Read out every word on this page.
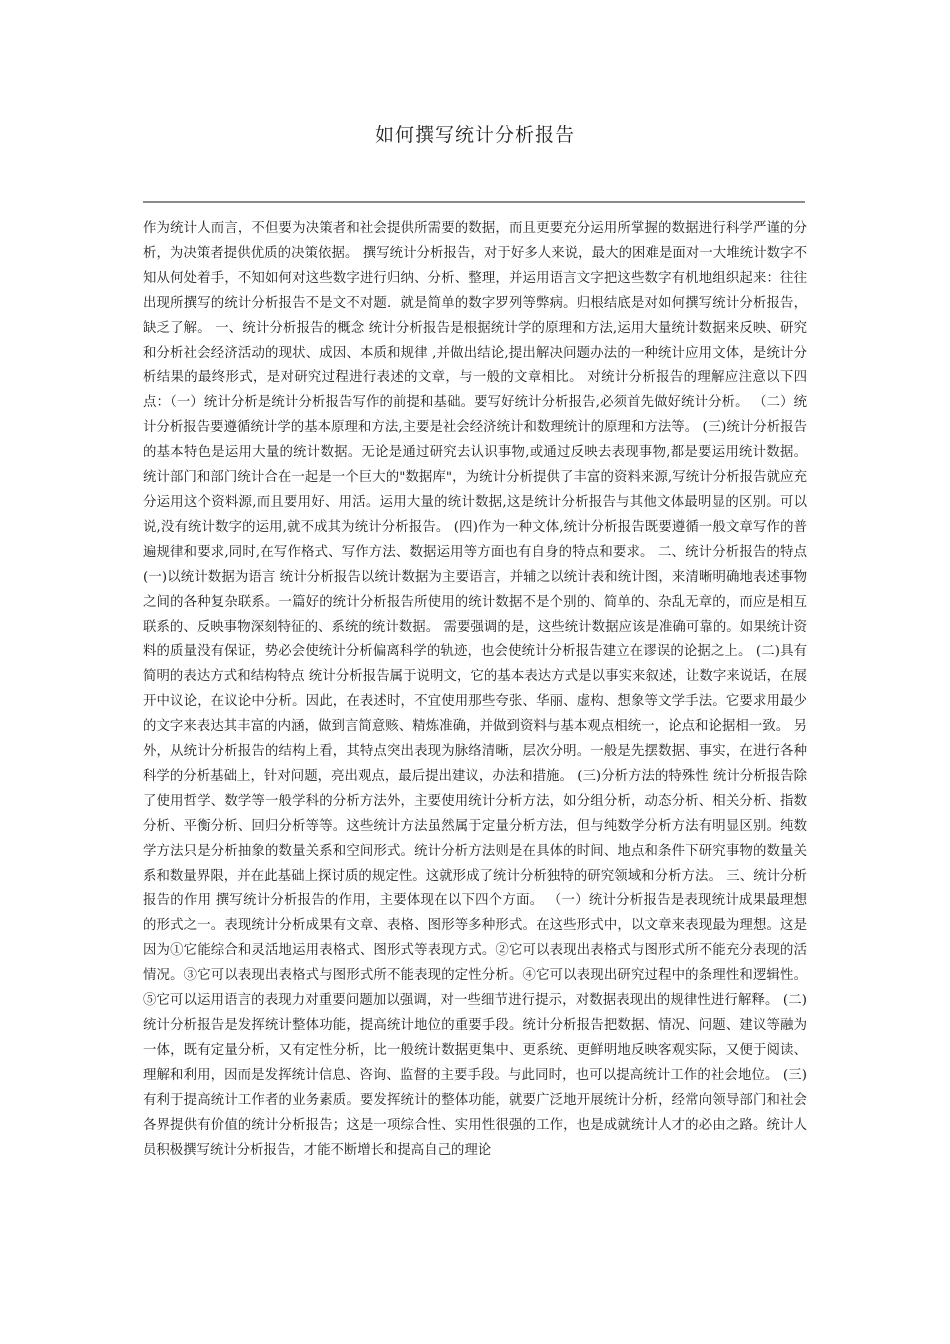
如何撰写统计分析报告

作为统计人而言，不但要为决策者和社会提供所需要的数据，而且更要充分运用所掌握的数据进行科学严谨的分析，为决策者提供优质的决策依据。 撰写统计分析报告，对于好多人来说，最大的困难是面对一大堆统计数字不知从何处着手，不知如何对这些数字进行归纳、分析、整理，并运用语言文字把这些数字有机地组织起来：往往出现所撰写的统计分析报告不是文不对题．就是简单的数字罗列等弊病。归根结底是对如何撰写统计分析报告，缺乏了解。 一、统计分析报告的概念 统计分析报告是根据统计学的原理和方法,运用大量统计数据来反映、研究和分析社会经济活动的现状、成因、本质和规律 ,并做出结论,提出解决问题办法的一种统计应用文体，是统计分析结果的最终形式，是对研究过程进行表述的文章，与一般的文章相比。 对统计分析报告的理解应注意以下四点：（一）统计分析是统计分析报告写作的前提和基础。要写好统计分析报告,必须首先做好统计分析。 （二）统计分析报告要遵循统计学的基本原理和方法,主要是社会经济统计和数理统计的原理和方法等。 (三)统计分析报告的基本特色是运用大量的统计数据。无论是通过研究去认识事物,或通过反映去表现事物,都是要运用统计数据。统计部门和部门统计合在一起是一个巨大的"数据库"，为统计分析提供了丰富的资料来源,写统计分析报告就应充分运用这个资料源,而且要用好、用活。运用大量的统计数据,这是统计分析报告与其他文体最明显的区别。可以说,没有统计数字的运用,就不成其为统计分析报告。 (四)作为一种文体,统计分析报告既要遵循一般文章写作的普遍规律和要求,同时,在写作格式、写作方法、数据运用等方面也有自身的特点和要求。 二、统计分析报告的特点 (一)以统计数据为语言 统计分析报告以统计数据为主要语言，并辅之以统计表和统计图，来清晰明确地表述事物之间的各种复杂联系。一篇好的统计分析报告所使用的统计数据不是个别的、简单的、杂乱无章的，而应是相互联系的、反映事物深刻特征的、系统的统计数据。 需要强调的是，这些统计数据应该是准确可靠的。如果统计资料的质量没有保证，势必会使统计分析偏离科学的轨迹，也会使统计分析报告建立在谬误的论据之上。 (二)具有简明的表达方式和结构特点 统计分析报告属于说明文，它的基本表达方式是以事实来叙述，让数字来说话，在展开中议论，在议论中分析。因此，在表述时，不宜使用那些夸张、华丽、虚构、想象等文学手法。它要求用最少的文字来表达其丰富的内涵，做到言简意赅、精炼准确，并做到资料与基本观点相统一，论点和论据相一致。 另外，从统计分析报告的结构上看，其特点突出表现为脉络清晰，层次分明。一般是先摆数据、事实，在进行各种科学的分析基础上，针对问题，亮出观点，最后提出建议，办法和措施。 (三)分析方法的特殊性 统计分析报告除了使用哲学、数学等一般学科的分析方法外，主要使用统计分析方法，如分组分析，动态分析、相关分析、指数分析、平衡分析、回归分析等等。这些统计方法虽然属于定量分析方法，但与纯数学分析方法有明显区别。纯数学方法只是分析抽象的数量关系和空间形式。统计分析方法则是在具体的时间、地点和条件下研究事物的数量关系和数量界限，并在此基础上探讨质的规定性。这就形成了统计分析独特的研究领域和分析方法。 三、统计分析报告的作用 撰写统计分析报告的作用，主要体现在以下四个方面。 （一）统计分析报告是表现统计成果最理想的形式之一。表现统计分析成果有文章、表格、图形等多种形式。在这些形式中，以文章来表现最为理想。这是因为①它能综合和灵活地运用表格式、图形式等表现方式。②它可以表现出表格式与图形式所不能充分表现的活情况。③它可以表现出表格式与图形式所不能表现的定性分析。④它可以表现出研究过程中的条理性和逻辑性。⑤它可以运用语言的表现力对重要问题加以强调，对一些细节进行提示，对数据表现出的规律性进行解释。 (二)统计分析报告是发挥统计整体功能，提高统计地位的重要手段。统计分析报告把数据、情况、问题、建议等融为一体，既有定量分析，又有定性分析，比一般统计数据更集中、更系统、更鲜明地反映客观实际，又便于阅读、理解和利用，因而是发挥统计信息、咨询、监督的主要手段。与此同时，也可以提高统计工作的社会地位。 (三)有利于提高统计工作者的业务素质。要发挥统计的整体功能，就要广泛地开展统计分析，经常向领导部门和社会各界提供有价值的统计分析报告；这是一项综合性、实用性很强的工作，也是成就统计人才的必由之路。统计人员积极撰写统计分析报告，才能不断增长和提高自己的理论
